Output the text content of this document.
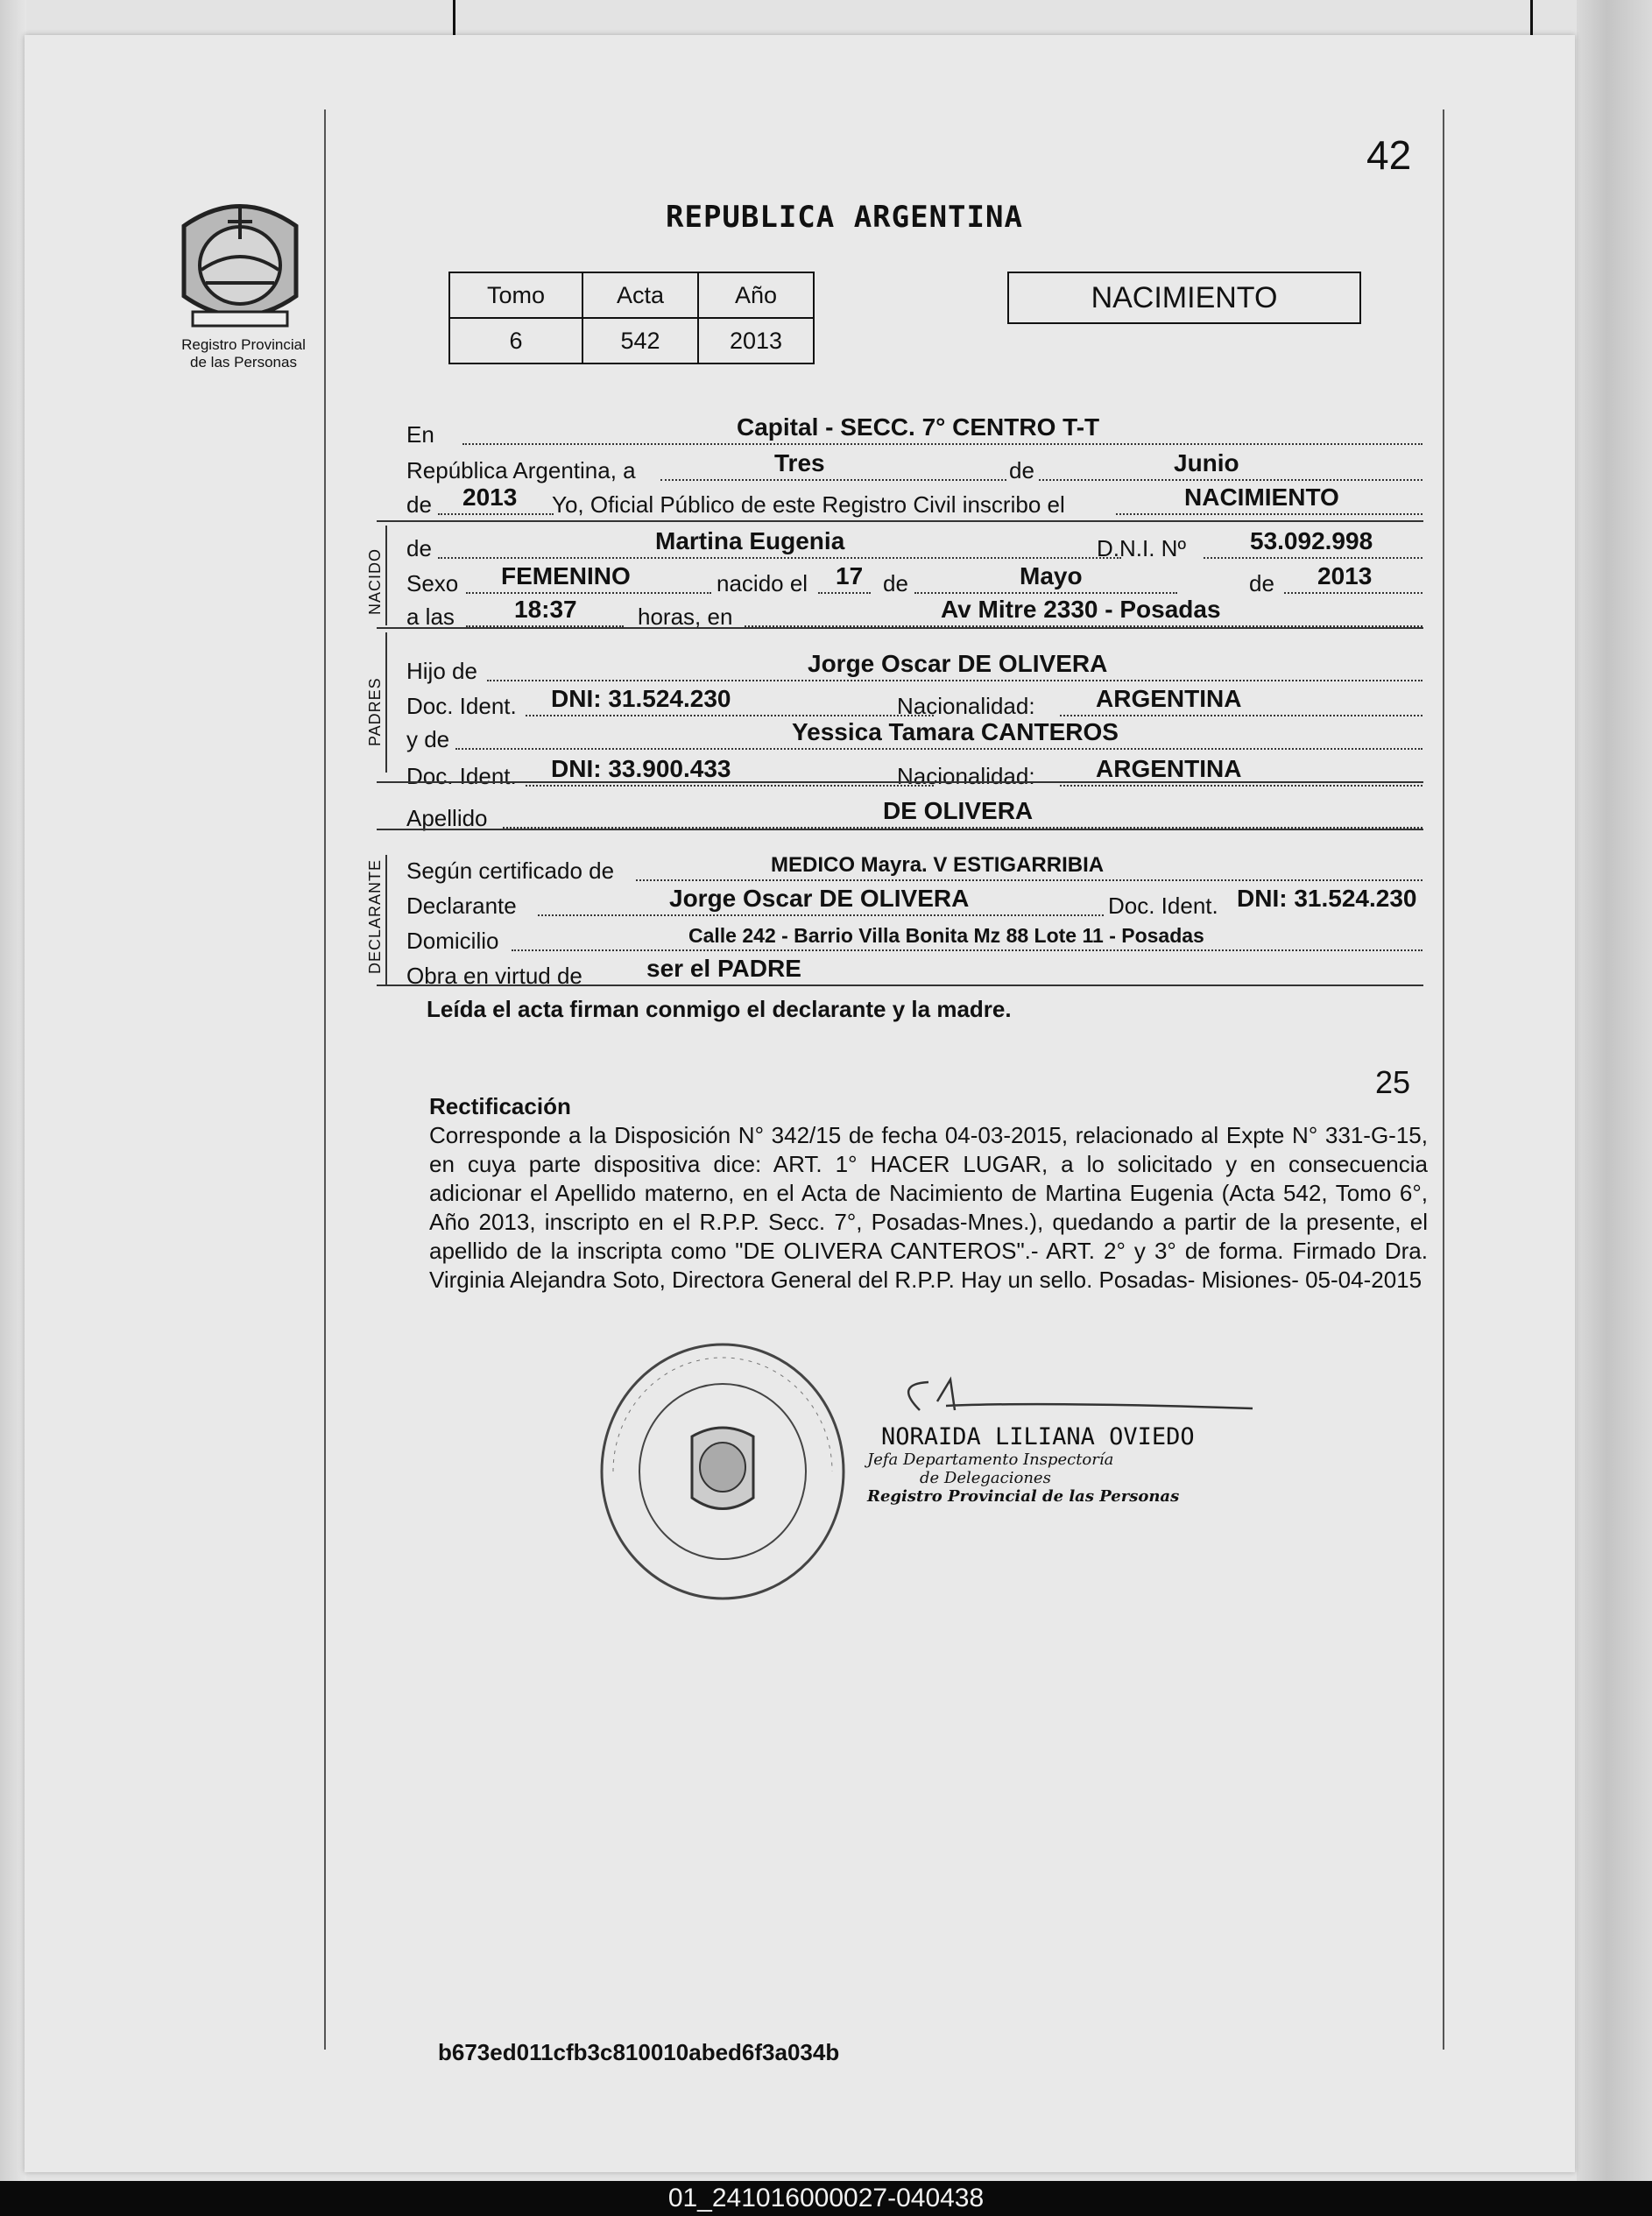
Registro Provincial
de las Personas
42
REPUBLICA ARGENTINA
Tomo	Acta	Año
6	542	2013
NACIMIENTO
En	Capital - SECC. 7° CENTRO T-T
República Argentina, a	Tres	de	Junio
de 2013 Yo, Oficial Público de este Registro Civil inscribo el	NACIMIENTO
NACIDO de	Martina Eugenia	D.N.I. Nº	53.092.998
Sexo FEMENINO	nacido el 17 de	Mayo	de 2013
a las 18:37	horas, en	Av Mitre 2330 - Posadas
PADRES
Hijo de	Jorge Oscar DE OLIVERA
Doc. Ident. DNI: 31.524.230	Nacionalidad: ARGENTINA
y de	Yessica Tamara CANTEROS
Doc. Ident. DNI: 33.900.433	Nacionalidad: ARGENTINA
Apellido	DE OLIVERA
DECLARANTE Según certificado de	MEDICO Mayra. V ESTIGARRIBIA
Declarante	Jorge Oscar DE OLIVERA	Doc. Ident. DNI: 31.524.230
Domicilio	Calle 242 - Barrio Villa Bonita Mz 88 Lote 11 - Posadas
Obra en virtud de	ser el PADRE
Leída el acta firman conmigo el declarante y la madre.
25
Rectificación
Corresponde a la Disposición N° 342/15 de fecha 04-03-2015, relacionado al Expte N° 331-G-15, en cuya parte dispositiva dice: ART. 1° HACER LUGAR, a lo solicitado y en consecuencia adicionar el Apellido materno, en el Acta de Nacimiento de Martina Eugenia (Acta 542, Tomo 6°, Año 2013, inscripto en el R.P.P. Secc. 7°, Posadas-Mnes.), quedando a partir de la presente, el apellido de la inscripta como "DE OLIVERA CANTEROS".- ART. 2° y 3° de forma. Firmado Dra. Virginia Alejandra Soto, Directora General del R.P.P. Hay un sello. Posadas- Misiones- 05-04-2015
NORAIDA LILIANA OVIEDO
Jefa Departamento Inspectoría
de Delegaciones
Registro Provincial de las Personas
b673ed011cfb3c810010abed6f3a034b
01_241016000027-040438
